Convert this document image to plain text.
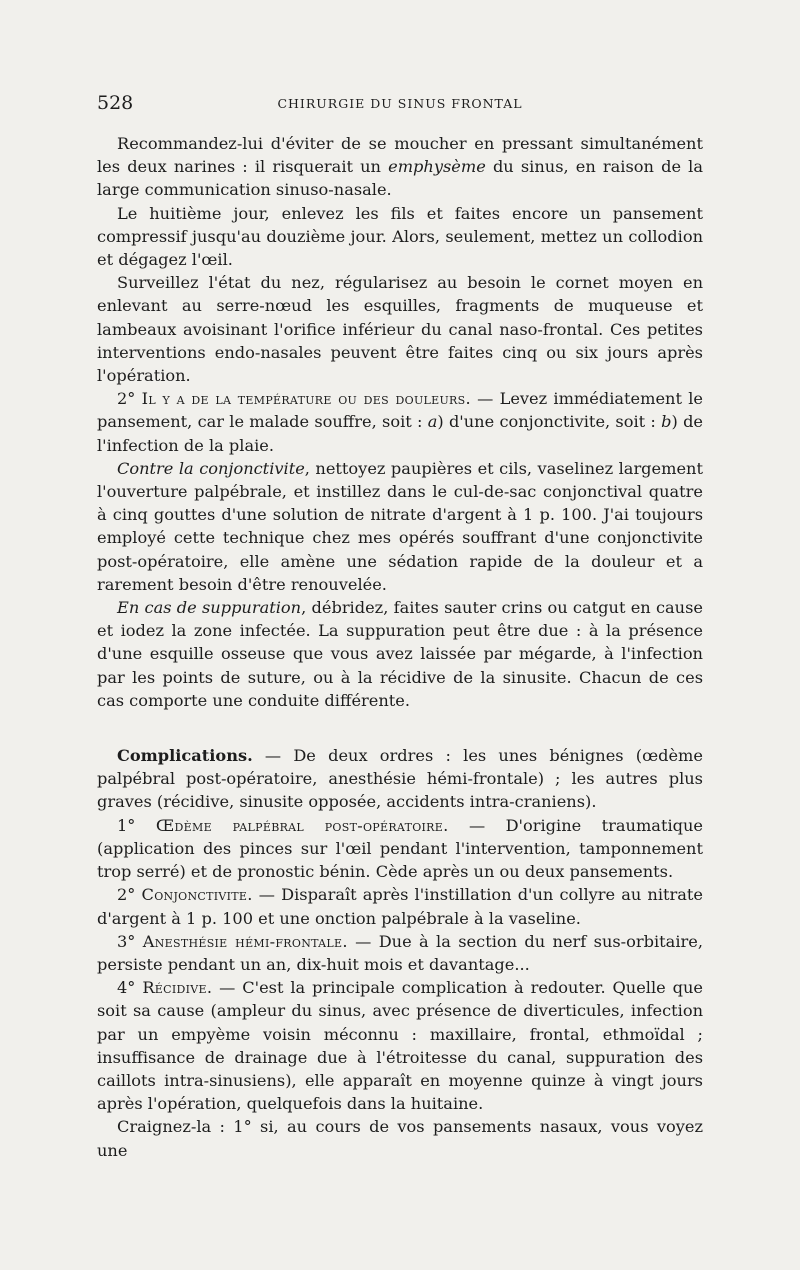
528	CHIRURGIE DU SINUS FRONTAL

Recommandez-lui d'éviter de se moucher en pressant simultanément les deux narines : il risquerait un emphysème du sinus, en raison de la large communication sinuso-nasale.

Le huitième jour, enlevez les fils et faites encore un pansement compressif jusqu'au douzième jour. Alors, seulement, mettez un collodion et dégagez l'œil.

Surveillez l'état du nez, régularisez au besoin le cornet moyen en enlevant au serre-nœud les esquilles, fragments de muqueuse et lambeaux avoisinant l'orifice inférieur du canal naso-frontal. Ces petites interventions endo-nasales peuvent être faites cinq ou six jours après l'opération.

2° Il y a de la température ou des douleurs. — Levez immédiatement le pansement, car le malade souffre, soit : a) d'une conjonctivite, soit : b) de l'infection de la plaie.

Contre la conjonctivite, nettoyez paupières et cils, vaselinez largement l'ouverture palpébrale, et instillez dans le cul-de-sac conjonctival quatre à cinq gouttes d'une solution de nitrate d'argent à 1 p. 100. J'ai toujours employé cette technique chez mes opérés souffrant d'une conjonctivite post-opératoire, elle amène une sédation rapide de la douleur et a rarement besoin d'être renouvelée.

En cas de suppuration, débridez, faites sauter crins ou catgut en cause et iodez la zone infectée. La suppuration peut être due : à la présence d'une esquille osseuse que vous avez laissée par mégarde, à l'infection par les points de suture, ou à la récidive de la sinusite. Chacun de ces cas comporte une conduite différente.

Complications. — De deux ordres : les unes bénignes (œdème palpébral post-opératoire, anesthésie hémi-frontale) ; les autres plus graves (récidive, sinusite opposée, accidents intra-craniens).

1° Œdème palpébral post-opératoire. — D'origine traumatique (application des pinces sur l'œil pendant l'intervention, tamponnement trop serré) et de pronostic bénin. Cède après un ou deux pansements.

2° Conjonctivite. — Disparaît après l'instillation d'un collyre au nitrate d'argent à 1 p. 100 et une onction palpébrale à la vaseline.

3° Anesthésie hémi-frontale. — Due à la section du nerf sus-orbitaire, persiste pendant un an, dix-huit mois et davantage...

4° Récidive. — C'est la principale complication à redouter. Quelle que soit sa cause (ampleur du sinus, avec présence de diverticules, infection par un empyème voisin méconnu : maxillaire, frontal, ethmoïdal ; insuffisance de drainage due à l'étroitesse du canal, suppuration des caillots intra-sinusiens), elle apparaît en moyenne quinze à vingt jours après l'opération, quelquefois dans la huitaine.

Craignez-la : 1° si, au cours de vos pansements nasaux, vous voyez une
